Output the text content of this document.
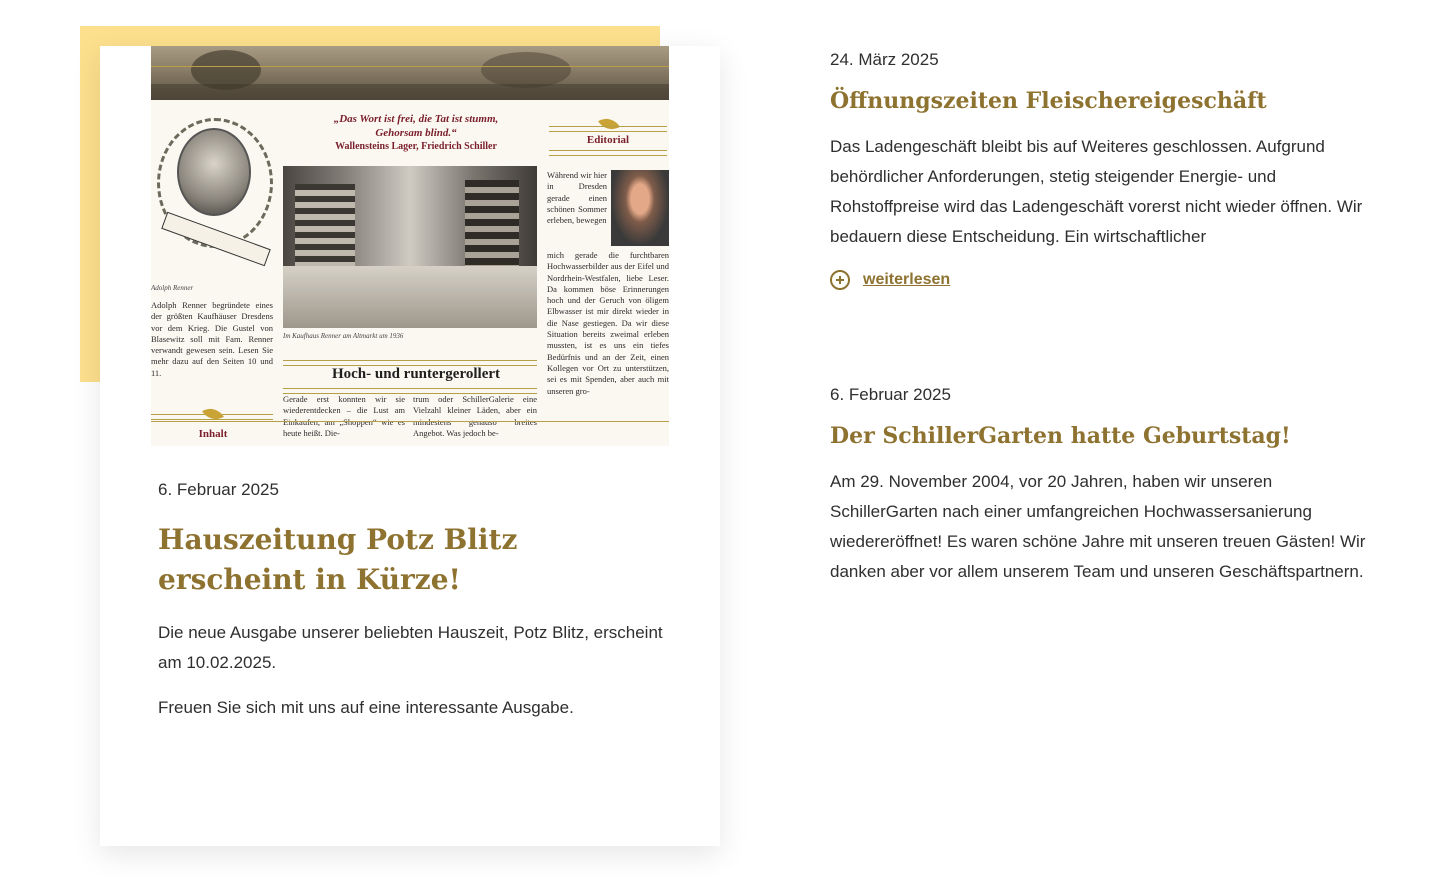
„Das Wort ist frei, die Tat ist stumm,
Gehorsam blind.“
Wallensteins Lager, Friedrich Schiller
Editorial
Adolph Renner
Adolph Renner begründete eines der größten Kaufhäuser Dresdens vor dem Krieg. Die Gustel von Blasewitz soll mit Fam. Renner verwandt gewesen sein. Lesen Sie mehr dazu auf den Seiten 10 und 11.
Im Kaufhaus Renner am Altmarkt um 1936
Während wir hier in Dresden gerade einen schönen Sommer erleben, bewegen
mich gerade die furchtbaren Hochwasserbilder aus der Eifel und Nordrhein-Westfalen, liebe Leser. Da kommen böse Erinnerungen hoch und der Geruch von öligem Elbwasser ist mir direkt wieder in die Nase gestiegen. Da wir diese Situation bereits zweimal erleben mussten, ist es uns ein tiefes Bedürfnis und an der Zeit, einen Kollegen vor Ort zu unterstützen, sei es mit Spenden, aber auch mit unseren gro-
Hoch- und runtergerollert
Gerade erst konnten wir sie wiederentdecken – die Lust am Einkaufen, am „Shoppen“ wie es heute heißt. Die-
trum oder SchillerGalerie eine Vielzahl kleiner Läden, aber ein mindestens genauso breites Angebot. Was jedoch be-
Inhalt
6. Februar 2025
Hauszeitung Potz Blitz erscheint in Kürze!

Die neue Ausgabe unserer beliebten Hauszeit, Potz Blitz, erscheint am 10.02.2025.

Freuen Sie sich mit uns auf eine interessante Ausgabe.

24. März 2025
Öffnungszeiten Fleischereigeschäft

Das Ladengeschäft bleibt bis auf Weiteres geschlossen. Aufgrund behördlicher Anforderungen, stetig steigender Energie- und Rohstoffpreise wird das Ladengeschäft vorerst nicht wieder öffnen. Wir bedauern diese Entscheidung. Ein wirtschaftlicher

weiterlesen
6. Februar 2025
Der SchillerGarten hatte Geburtstag!

Am 29. November 2004, vor 20 Jahren, haben wir unseren SchillerGarten nach einer umfangreichen Hochwassersanierung wiedereröffnet! Es waren schöne Jahre mit unseren treuen Gästen! Wir danken aber vor allem unserem Team und unseren Geschäftspartnern.
